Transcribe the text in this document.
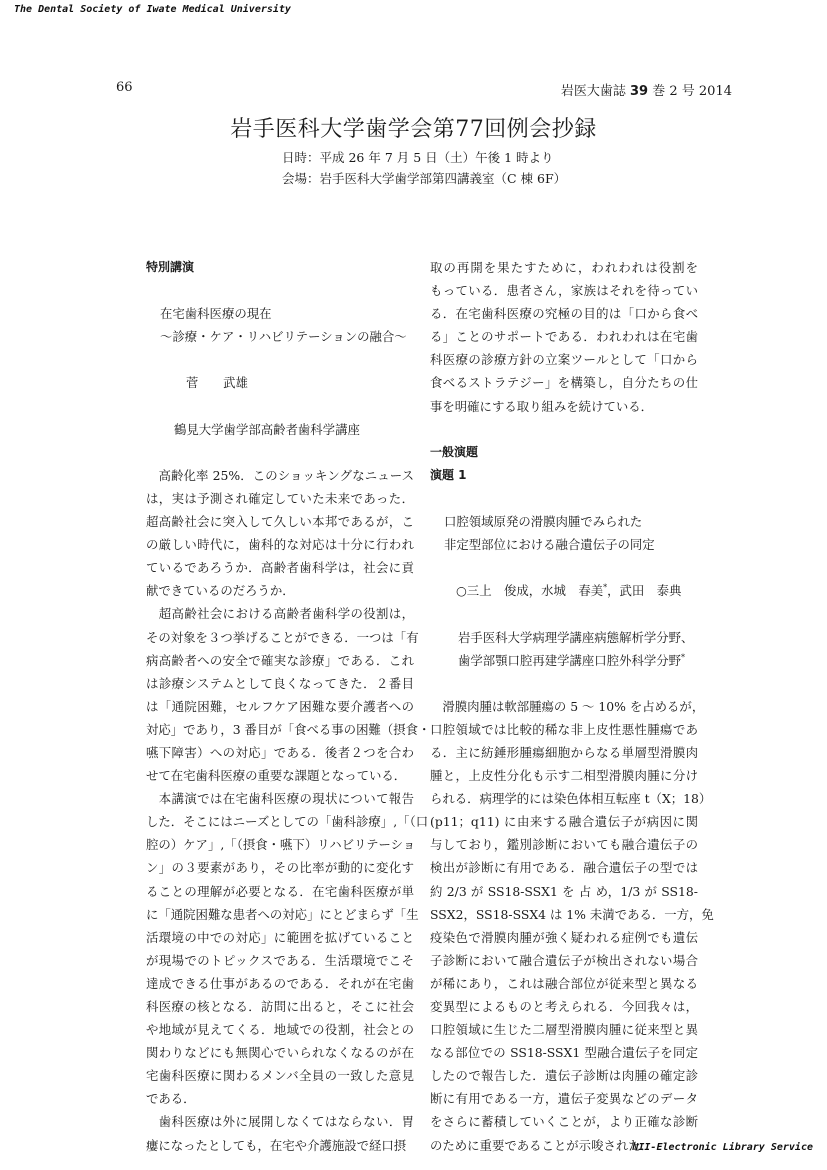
The Dental Society of Iwate Medical University
66	岩医大歯誌 39 巻 2 号 2014
岩手医科大学歯学会第77回例会抄録
日時：平成 26 年 7 月 5 日（土）午後 1 時より
会場：岩手医科大学歯学部第四講義室（C 棟 6F）
特別講演
在宅歯科医療の現在
～診療・ケア・リハビリテーションの融合～
菅　　武雄
鶴見大学歯学部高齢者歯科学講座
　高齢化率 25%．このショッキングなニュース
は，実は予測され確定していた未来であった．
超高齢社会に突入して久しい本邦であるが，こ
の厳しい時代に，歯科的な対応は十分に行われ
ているであろうか．高齢者歯科学は，社会に貢
献できているのだろうか．
　超高齢社会における高齢者歯科学の役割は，
その対象を３つ挙げることができる．一つは「有
病高齢者への安全で確実な診療」である．これ
は診療システムとして良くなってきた．２番目
は「通院困難，セルフケア困難な要介護者への
対応」であり，3 番目が「食べる事の困難（摂食・
嚥下障害）への対応」である．後者２つを合わ
せて在宅歯科医療の重要な課題となっている．
　本講演では在宅歯科医療の現状について報告
した．そこにはニーズとしての「歯科診療」,「（口
腔の）ケア」,「（摂食・嚥下）リハビリテーショ
ン」の３要素があり，その比率が動的に変化す
ることの理解が必要となる．在宅歯科医療が単
に「通院困難な患者への対応」にとどまらず「生
活環境の中での対応」に範囲を拡げていること
が現場でのトピックスである．生活環境でこそ
達成できる仕事があるのである．それが在宅歯
科医療の核となる．訪問に出ると，そこに社会
や地域が見えてくる．地域での役割，社会との
関わりなどにも無関心でいられなくなるのが在
宅歯科医療に関わるメンバ全員の一致した意見
である．
　歯科医療は外に展開しなくてはならない．胃
瘻になったとしても，在宅や介護施設で経口摂
取の再開を果たすために，われわれは役割を
もっている．患者さん，家族はそれを待ってい
る．在宅歯科医療の究極の目的は「口から食べ
る」ことのサポートである．われわれは在宅歯
科医療の診療方針の立案ツールとして「口から
食べるストラテジー」を構築し，自分たちの仕
事を明確にする取り組みを続けている．
一般演題
演題 1
口腔領域原発の滑膜肉腫でみられた
非定型部位における融合遺伝子の同定
○三上　俊成，水城　春美*，武田　泰典
岩手医科大学病理学講座病態解析学分野、
歯学部顎口腔再建学講座口腔外科学分野*
　滑膜肉腫は軟部腫瘍の 5 ～ 10% を占めるが，
口腔領域では比較的稀な非上皮性悪性腫瘍であ
る．主に紡錘形腫瘍細胞からなる単層型滑膜肉
腫と，上皮性分化も示す二相型滑膜肉腫に分け
られる．病理学的には染色体相互転座 t（X；18）
(p11；q11) に由来する融合遺伝子が病因に関
与しており，鑑別診断においても融合遺伝子の
検出が診断に有用である．融合遺伝子の型では
約 2/3 が SS18-SSX1 を 占 め，1/3 が SS18-
SSX2，SS18-SSX4 は 1% 未満である．一方，免
疫染色で滑膜肉腫が強く疑われる症例でも遺伝
子診断において融合遺伝子が検出されない場合
が稀にあり，これは融合部位が従来型と異なる
変異型によるものと考えられる．今回我々は，
口腔領域に生じた二層型滑膜肉腫に従来型と異
なる部位での SS18-SSX1 型融合遺伝子を同定
したので報告した．遺伝子診断は肉腫の確定診
断に有用である一方，遺伝子変異などのデータ
をさらに蓄積していくことが，より正確な診断
のために重要であることが示唆された．
NII-Electronic Library Service
